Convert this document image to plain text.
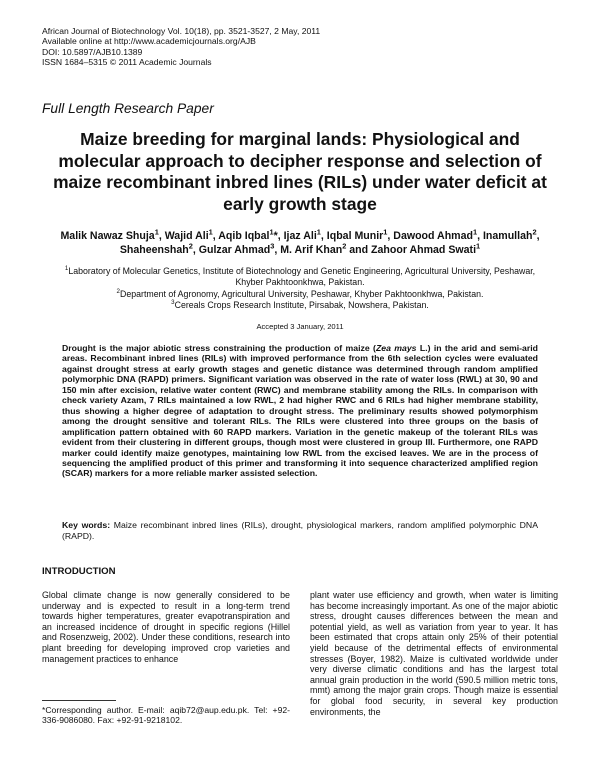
African Journal of Biotechnology Vol. 10(18), pp. 3521-3527, 2 May, 2011
Available online at http://www.academicjournals.org/AJB
DOI: 10.5897/AJB10.1389
ISSN 1684–5315 © 2011 Academic Journals
Full Length Research Paper
Maize breeding for marginal lands: Physiological and molecular approach to decipher response and selection of maize recombinant inbred lines (RILs) under water deficit at early growth stage
Malik Nawaz Shuja$^1$, Wajid Ali$^1$, Aqib Iqbal$^1$*, Ijaz Ali$^1$, Iqbal Munir$^1$, Dawood Ahmad$^1$, Inamullah$^2$, Shaheenshah$^2$, Gulzar Ahmad$^3$, M. Arif Khan$^2$ and Zahoor Ahmad Swati$^1$
$^1$Laboratory of Molecular Genetics, Institute of Biotechnology and Genetic Engineering, Agricultural University, Peshawar, Khyber Pakhtoonkhwa, Pakistan.
$^2$Department of Agronomy, Agricultural University, Peshawar, Khyber Pakhtoonkhwa, Pakistan.
$^3$Cereals Crops Research Institute, Pirsabak, Nowshera, Pakistan.
Accepted 3 January, 2011
Drought is the major abiotic stress constraining the production of maize (Zea mays L.) in the arid and semi-arid areas. Recombinant inbred lines (RILs) with improved performance from the 6th selection cycles were evaluated against drought stress at early growth stages and genetic distance was determined through random amplified polymorphic DNA (RAPD) primers. Significant variation was observed in the rate of water loss (RWL) at 30, 90 and 150 min after excision, relative water content (RWC) and membrane stability among the RILs. In comparison with check variety Azam, 7 RILs maintained a low RWL, 2 had higher RWC and 6 RILs had higher membrane stability, thus showing a higher degree of adaptation to drought stress. The preliminary results showed polymorphism among the drought sensitive and tolerant RILs. The RILs were clustered into three groups on the basis of amplification pattern obtained with 60 RAPD markers. Variation in the genetic makeup of the tolerant RILs was evident from their clustering in different groups, though most were clustered in group III. Furthermore, one RAPD marker could identify maize genotypes, maintaining low RWL from the excised leaves. We are in the process of sequencing the amplified product of this primer and transforming it into sequence characterized amplified region (SCAR) markers for a more reliable marker assisted selection.
Key words: Maize recombinant inbred lines (RILs), drought, physiological markers, random amplified polymorphic DNA (RAPD).
INTRODUCTION
Global climate change is now generally considered to be underway and is expected to result in a long-term trend towards higher temperatures, greater evapotranspiration and an increased incidence of drought in specific regions (Hillel and Rosenzweig, 2002). Under these conditions, research into plant breeding for developing improved crop varieties and management practices to enhance
plant water use efficiency and growth, when water is limiting has become increasingly important. As one of the major abiotic stress, drought causes differences between the mean and potential yield, as well as variation from year to year. It has been estimated that crops attain only 25% of their potential yield because of the detrimental effects of environmental stresses (Boyer, 1982). Maize is cultivated worldwide under very diverse climatic conditions and has the largest total annual grain production in the world (590.5 million metric tons, mmt) among the major grain crops. Though maize is essential for global food security, in several key production environments, the
*Corresponding author. E-mail: aqib72@aup.edu.pk. Tel: +92-336-9086080. Fax: +92-91-9218102.
